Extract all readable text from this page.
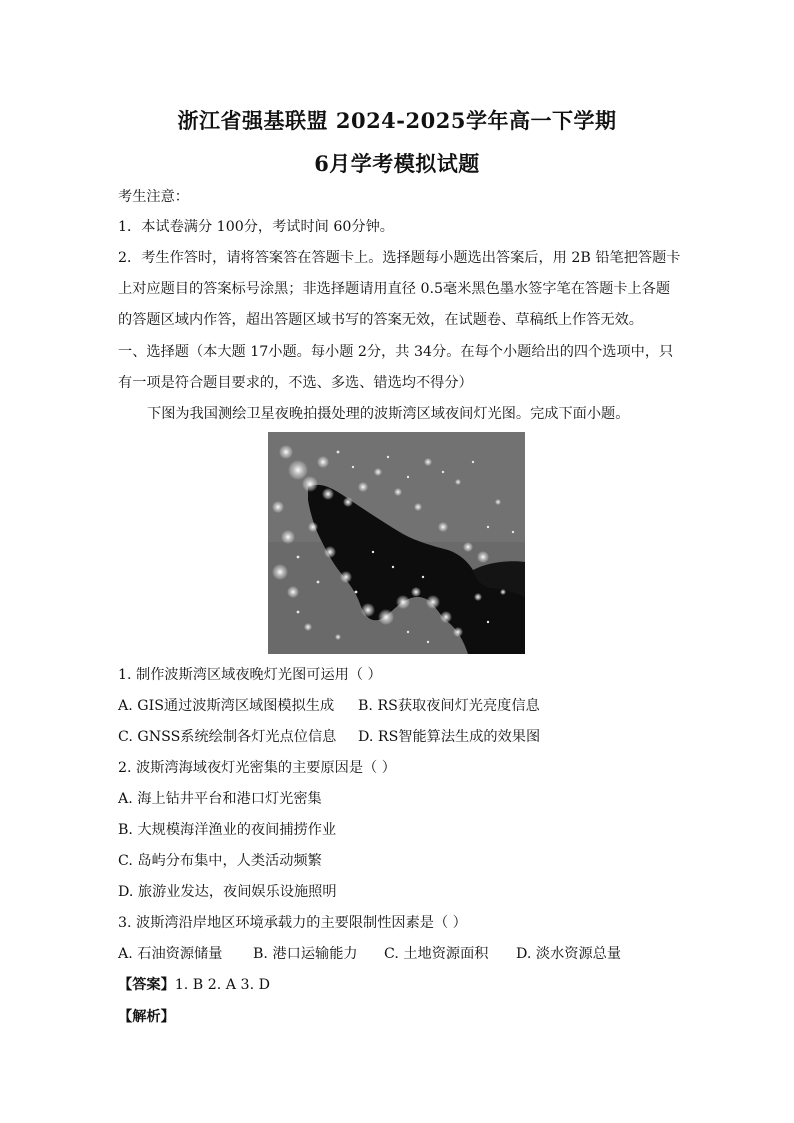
浙江省强基联盟 2024-2025学年高一下学期
6月学考模拟试题
考生注意：
1．本试卷满分 100分，考试时间 60分钟。
2．考生作答时，请将答案答在答题卡上。选择题每小题选出答案后，用 2B 铅笔把答题卡
上对应题目的答案标号涂黑；非选择题请用直径 0.5毫米黑色墨水签字笔在答题卡上各题
的答题区域内作答，超出答题区域书写的答案无效，在试题卷、草稿纸上作答无效。
一、选择题（本大题 17小题。每小题 2分，共 34分。在每个小题给出的四个选项中，只
有一项是符合题目要求的，不选、多选、错选均不得分）
下图为我国测绘卫星夜晚拍摄处理的波斯湾区域夜间灯光图。完成下面小题。
1. 制作波斯湾区域夜晚灯光图可运用（ ）
A. GIS通过波斯湾区域图模拟生成 B. RS获取夜间灯光亮度信息
C. GNSS系统绘制各灯光点位信息 D. RS智能算法生成的效果图
2. 波斯湾海域夜灯光密集的主要原因是（ ）
A. 海上钻井平台和港口灯光密集
B. 大规模海洋渔业的夜间捕捞作业
C. 岛屿分布集中，人类活动频繁
D. 旅游业发达，夜间娱乐设施照明
3. 波斯湾沿岸地区环境承载力的主要限制性因素是（ ）
A. 石油资源储量 B. 港口运输能力 C. 土地资源面积 D. 淡水资源总量
【答案】1. B 2. A 3. D
【解析】
